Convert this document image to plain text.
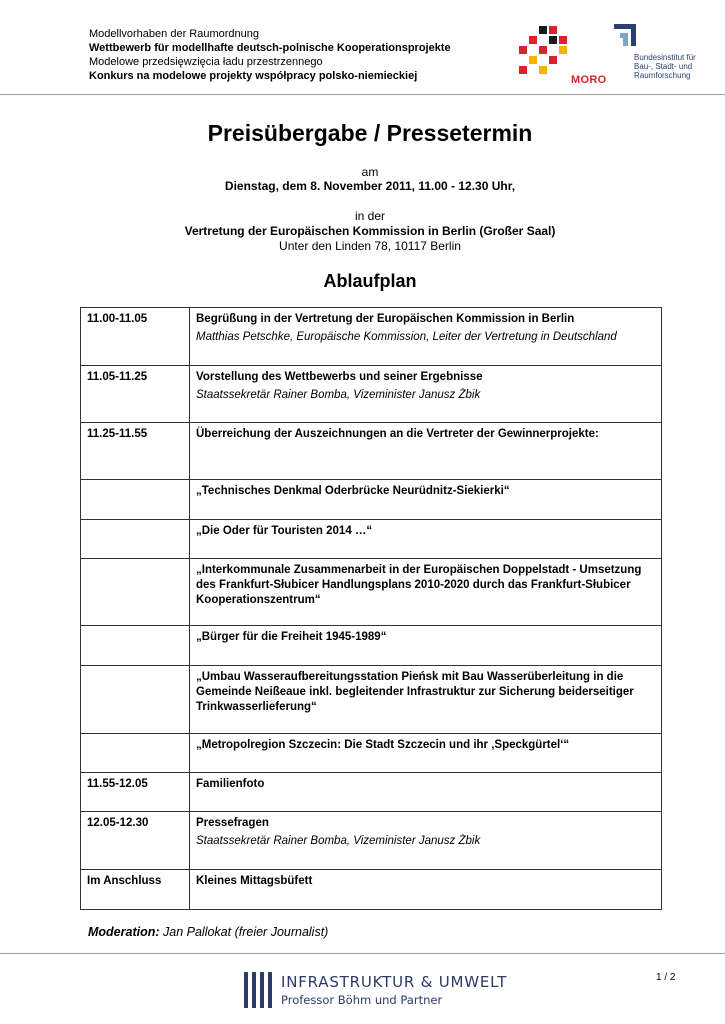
Modellvorhaben der Raumordnung
Wettbewerb für modellhafte deutsch-polnische Kooperationsprojekte
Modelowe przedsięwzięcia ładu przestrzennego
Konkurs na modelowe projekty współpracy polsko-niemieckiej	MORO
Bundesinstitut für Bau-, Stadt- und Raumforschung
Preisübergabe / Pressetermin
am
Dienstag, dem 8. November 2011, 11.00 - 12.30 Uhr,
in der
Vertretung der Europäischen Kommission in Berlin (Großer Saal)
Unter den Linden 78, 10117 Berlin
Ablaufplan
11.00-11.05	Begrüßung in der Vertretung der Europäischen Kommission in Berlin
Matthias Petschke, Europäische Kommission, Leiter der Vertretung in Deutschland

11.05-11.25	Vorstellung des Wettbewerbs und seiner Ergebnisse
Staatssekretär Rainer Bomba, Vizeminister Janusz Żbik

11.25-11.55	Überreichung der Auszeichnungen an die Vertreter der Gewinnerprojekte:

	„Technisches Denkmal Oderbrücke Neurüdnitz-Siekierki“

	„Die Oder für Touristen 2014 …“

	„Interkommunale Zusammenarbeit in der Europäischen Doppelstadt - Umsetzung des Frankfurt-Słubicer Handlungsplans 2010-2020 durch das Frankfurt-Słubicer Kooperationszentrum“

	„Bürger für die Freiheit 1945-1989“

	„Umbau Wasseraufbereitungsstation Pieńsk mit Bau Wasserüberleitung in die Gemeinde Neißeaue inkl. begleitender Infrastruktur zur Sicherung beiderseitiger Trinkwasserlieferung“

	„Metropolregion Szczecin: Die Stadt Szczecin und ihr ‚Speckgürtel‘“

11.55-12.05	Familienfoto

12.05-12.30	Pressefragen
Staatssekretär Rainer Bomba, Vizeminister Janusz Żbik

Im Anschluss	Kleines Mittagsbüfett
Moderation: Jan Pallokat (freier Journalist)
1 / 2
INFRASTRUKTUR & UMWELT
Professor Böhm und Partner
